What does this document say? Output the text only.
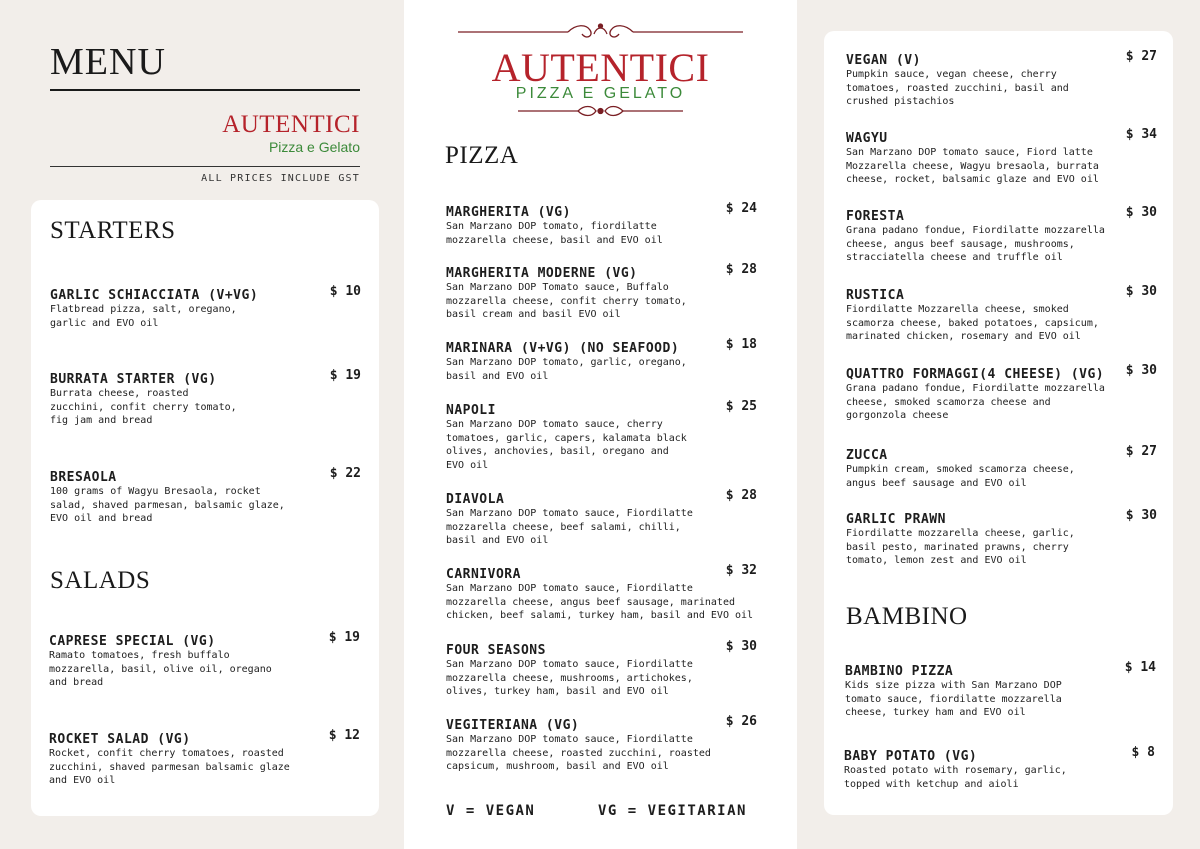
MENU
AUTENTICI
Pizza e Gelato
ALL PRICES INCLUDE GST
STARTERS
GARLIC SCHIACCIATA (V+VG)	$ 10
Flatbread pizza, salt, oregano, garlic and EVO oil
BURRATA STARTER (VG)	$ 19
Burrata cheese, roasted zucchini, confit cherry tomato, fig jam and bread
BRESAOLA	$ 22
100 grams of Wagyu Bresaola, rocket salad, shaved parmesan, balsamic glaze, EVO oil and bread
SALADS
CAPRESE SPECIAL (VG)	$ 19
Ramato tomatoes, fresh buffalo mozzarella, basil, olive oil, oregano and bread
ROCKET SALAD (VG)	$ 12
Rocket, confit cherry tomatoes, roasted zucchini, shaved parmesan balsamic glaze and EVO oil
AUTENTICI
PIZZA E GELATO
PIZZA
MARGHERITA (VG)	$ 24
San Marzano DOP tomato, fiordilatte mozzarella cheese, basil and EVO oil
MARGHERITA MODERNE (VG)	$ 28
San Marzano DOP Tomato sauce, Buffalo mozzarella cheese, confit cherry tomato, basil cream and basil EVO oil
MARINARA (V+VG) (NO SEAFOOD)	$ 18
San Marzano DOP tomato, garlic, oregano, basil and EVO oil
NAPOLI	$ 25
San Marzano DOP tomato sauce, cherry tomatoes, garlic, capers, kalamata black olives, anchovies, basil, oregano and EVO oil
DIAVOLA	$ 28
San Marzano DOP tomato sauce, Fiordilatte mozzarella cheese, beef salami, chilli, basil and EVO oil
CARNIVORA	$ 32
San Marzano DOP tomato sauce, Fiordilatte mozzarella cheese, angus beef sausage, marinated chicken, beef salami, turkey ham, basil and EVO oil
FOUR SEASONS	$ 30
San Marzano DOP tomato sauce, Fiordilatte mozzarella cheese, mushrooms, artichokes, olives, turkey ham, basil and EVO oil
VEGITERIANA (VG)	$ 26
San Marzano DOP tomato sauce, Fiordilatte mozzarella cheese, roasted zucchini, roasted capsicum, mushroom, basil and EVO oil
V = VEGAN	VG = VEGITARIAN
VEGAN (V)	$ 27
Pumpkin sauce, vegan cheese, cherry tomatoes, roasted zucchini, basil and crushed pistachios
WAGYU	$ 34
San Marzano DOP tomato sauce, Fiord latte Mozzarella cheese, Wagyu bresaola, burrata cheese, rocket, balsamic glaze and EVO oil
FORESTA	$ 30
Grana padano fondue, Fiordilatte mozzarella cheese, angus beef sausage, mushrooms, stracciatella cheese and truffle oil
RUSTICA	$ 30
Fiordilatte Mozzarella cheese, smoked scamorza cheese, baked potatoes, capsicum, marinated chicken, rosemary and EVO oil
QUATTRO FORMAGGI(4 CHEESE) (VG) $ 30
Grana padano fondue, Fiordilatte mozzarella cheese, smoked scamorza cheese and gorgonzola cheese
ZUCCA	$ 27
Pumpkin cream, smoked scamorza cheese, angus beef sausage and EVO oil
GARLIC PRAWN	$ 30
Fiordilatte mozzarella cheese, garlic, basil pesto, marinated prawns, cherry tomato, lemon zest and EVO oil
BAMBINO
BAMBINO PIZZA	$ 14
Kids size pizza with San Marzano DOP tomato sauce, fiordilatte mozzarella cheese, turkey ham and EVO oil
BABY POTATO (VG)	$ 8
Roasted potato with rosemary, garlic, topped with ketchup and aioli
